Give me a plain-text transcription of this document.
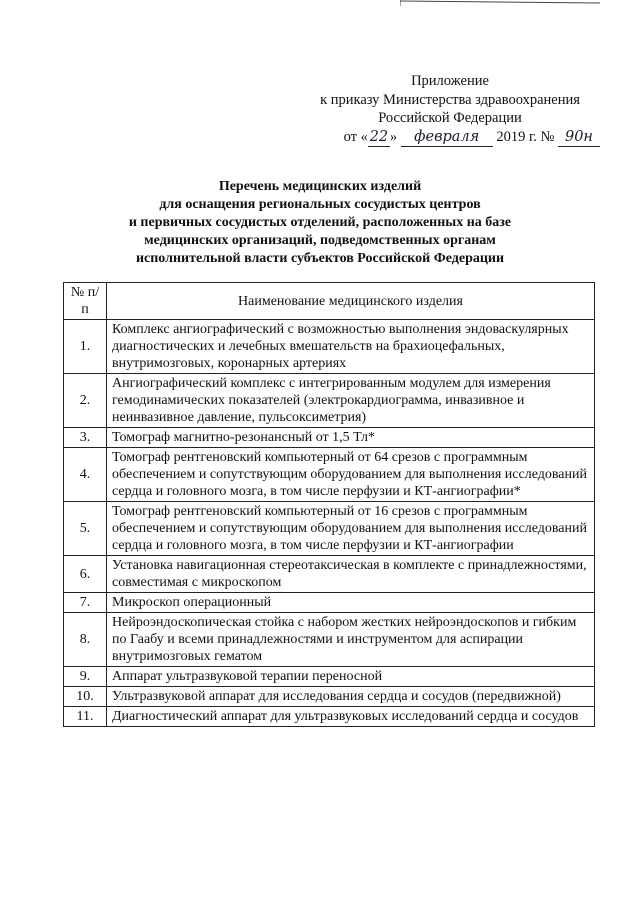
Приложение
к приказу Министерства здравоохранения
Российской Федерации
от « 22 » февраля 2019 г. № 90н
Перечень медицинских изделий
для оснащения региональных сосудистых центров
и первичных сосудистых отделений, расположенных на базе
медицинских организаций, подведомственных органам
исполнительной власти субъектов Российской Федерации
№ п/п	Наименование медицинского изделия
1.	Комплекс ангиографический с возможностью выполнения эндоваскулярных диагностических и лечебных вмешательств на брахиоцефальных, внутримозговых, коронарных артериях
2.	Ангиографический комплекс с интегрированным модулем для измерения гемодинамических показателей (электрокардиограмма, инвазивное и неинвазивное давление, пульсоксиметрия)
3.	Томограф магнитно-резонансный от 1,5 Тл*
4.	Томограф рентгеновский компьютерный от 64 срезов с программным обеспечением и сопутствующим оборудованием для выполнения исследований сердца и головного мозга, в том числе перфузии и КТ-ангиографии*
5.	Томограф рентгеновский компьютерный от 16 срезов с программным обеспечением и сопутствующим оборудованием для выполнения исследований сердца и головного мозга, в том числе перфузии и КТ-ангиографии
6.	Установка навигационная стереотаксическая в комплекте с принадлежностями, совместимая с микроскопом
7.	Микроскоп операционный
8.	Нейроэндоскопическая стойка с набором жестких нейроэндоскопов и гибким по Гаабу и всеми принадлежностями и инструментом для аспирации внутримозговых гематом
9.	Аппарат ультразвуковой терапии переносной
10.	Ультразвуковой аппарат для исследования сердца и сосудов (передвижной)
11.	Диагностический аппарат для ультразвуковых исследований сердца и сосудов
